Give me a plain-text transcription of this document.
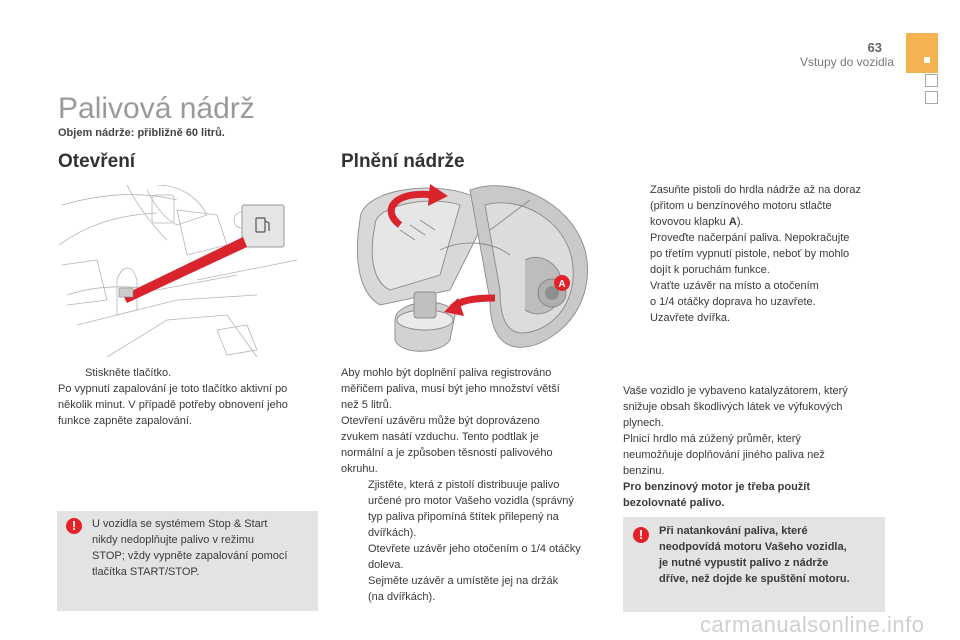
63
Vstupy do vozidla
Palivová nádrž
Objem nádrže: přibližně 60 litrů.
Otevření
Stiskněte tlačítko.
Po vypnutí zapalování je toto tlačítko aktivní po několik minut. V případě potřeby obnovení jeho funkce zapněte zapalování.
!	U vozidla se systémem Stop & Start
nikdy nedoplňujte palivo v režimu
STOP; vždy vypněte zapalování pomocí
tlačítka START/STOP.
Plnění nádrže
A
Aby mohlo být doplnění paliva registrováno
měřičem paliva, musí být jeho množství větší
než 5 litrů.
Otevření uzávěru může být doprovázeno
zvukem nasátí vzduchu. Tento podtlak je
normální a je způsoben těsností palivového
okruhu.
Zjistěte, která z pistolí distribuuje palivo
určené pro motor Vašeho vozidla (správný
typ paliva připomíná štítek přilepený na
dvířkách).
Otevřete uzávěr jeho otočením o 1/4 otáčky
doleva.
Sejměte uzávěr a umístěte jej na držák
(na dvířkách).
Zasuňte pistoli do hrdla nádrže až na doraz
(přitom u benzínového motoru stlačte
kovovou klapku A).
Proveďte načerpání paliva. Nepokračujte
po třetím vypnutí pistole, neboť by mohlo
dojít k poruchám funkce.
Vraťte uzávěr na místo a otočením
o 1/4 otáčky doprava ho uzavřete.
Uzavřete dvířka.
Vaše vozidlo je vybaveno katalyzátorem, který
snižuje obsah škodlivých látek ve výfukových
plynech.
Plnicí hrdlo má zúžený průměr, který
neumožňuje doplňování jiného paliva než
benzinu.
Pro benzinový motor je třeba použít
bezolovnaté palivo.
!	Při natankování paliva, které
neodpovídá motoru Vašeho vozidla,
je nutné vypustit palivo z nádrže
dříve, než dojde ke spuštění motoru.
carmanualsonline.info
